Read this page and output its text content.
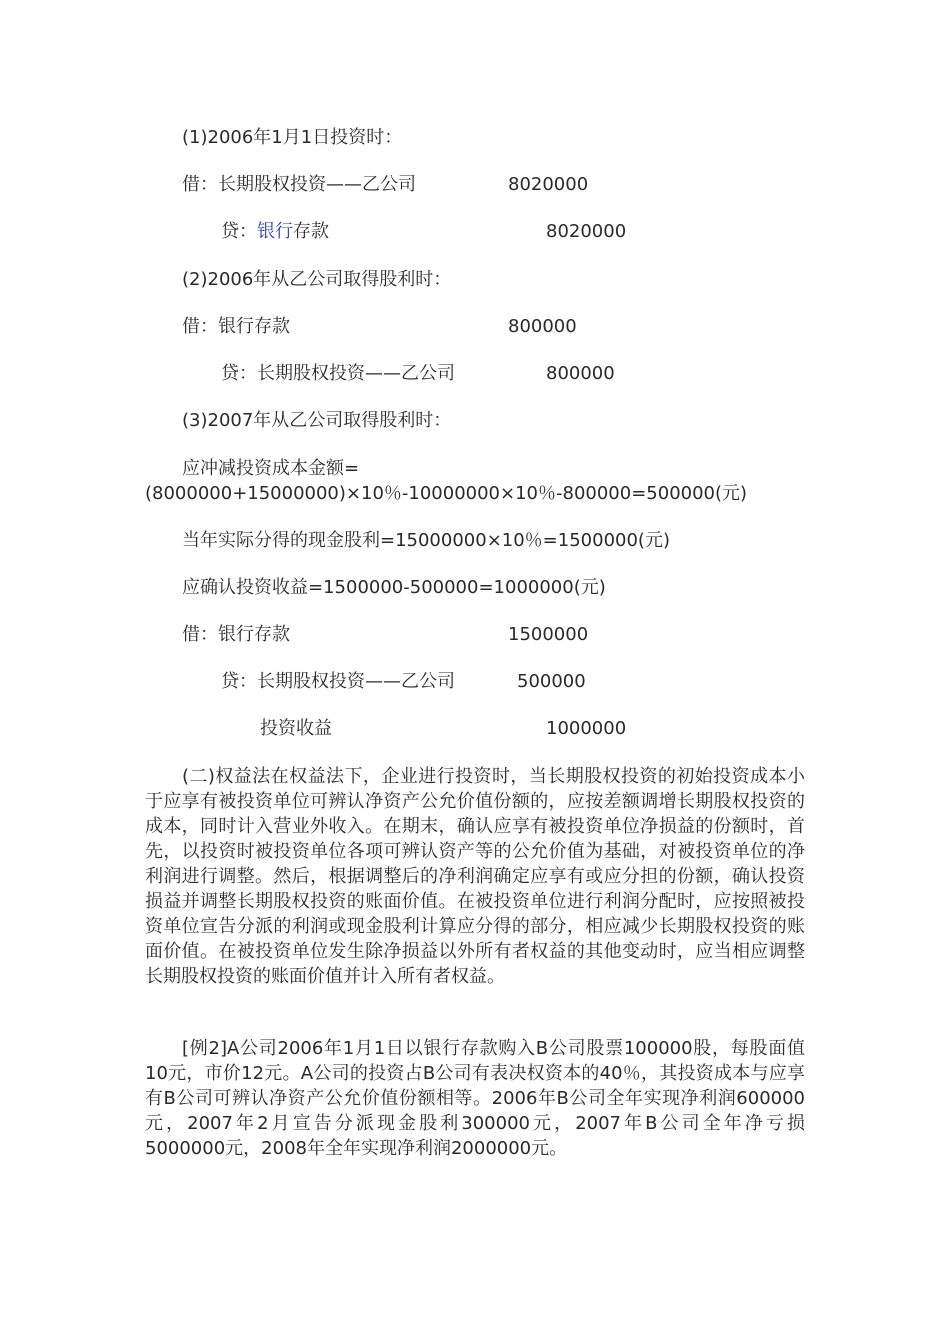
(1)2006年1月1日投资时：
借：长期股权投资——乙公司	8020000
贷：银行存款	8020000
(2)2006年从乙公司取得股利时：
借：银行存款	800000
贷：长期股权投资——乙公司	800000
(3)2007年从乙公司取得股利时：
应冲减投资成本金额=(8000000+15000000)×10％-10000000×10％-800000=500000(元)
当年实际分得的现金股利=15000000×10％=1500000(元)
应确认投资收益=1500000-500000=1000000(元)
借：银行存款	1500000
贷：长期股权投资——乙公司	500000
投资收益	1000000
(二)权益法在权益法下，企业进行投资时，当长期股权投资的初始投资成本小于应享有被投资单位可辨认净资产公允价值份额的，应按差额调增长期股权投资的成本，同时计入营业外收入。在期末，确认应享有被投资单位净损益的份额时，首先，以投资时被投资单位各项可辨认资产等的公允价值为基础，对被投资单位的净利润进行调整。然后，根据调整后的净利润确定应享有或应分担的份额，确认投资损益并调整长期股权投资的账面价值。在被投资单位进行利润分配时，应按照被投资单位宣告分派的利润或现金股利计算应分得的部分，相应减少长期股权投资的账面价值。在被投资单位发生除净损益以外所有者权益的其他变动时，应当相应调整长期股权投资的账面价值并计入所有者权益。
[例2]A公司2006年1月1日以银行存款购入B公司股票100000股，每股面值10元，市价12元。A公司的投资占B公司有表决权资本的40％，其投资成本与应享有B公司可辨认净资产公允价值份额相等。2006年B公司全年实现净利润600000元，2007年2月宣告分派现金股利300000元，2007年B公司全年净亏损5000000元，2008年全年实现净利润2000000元。
